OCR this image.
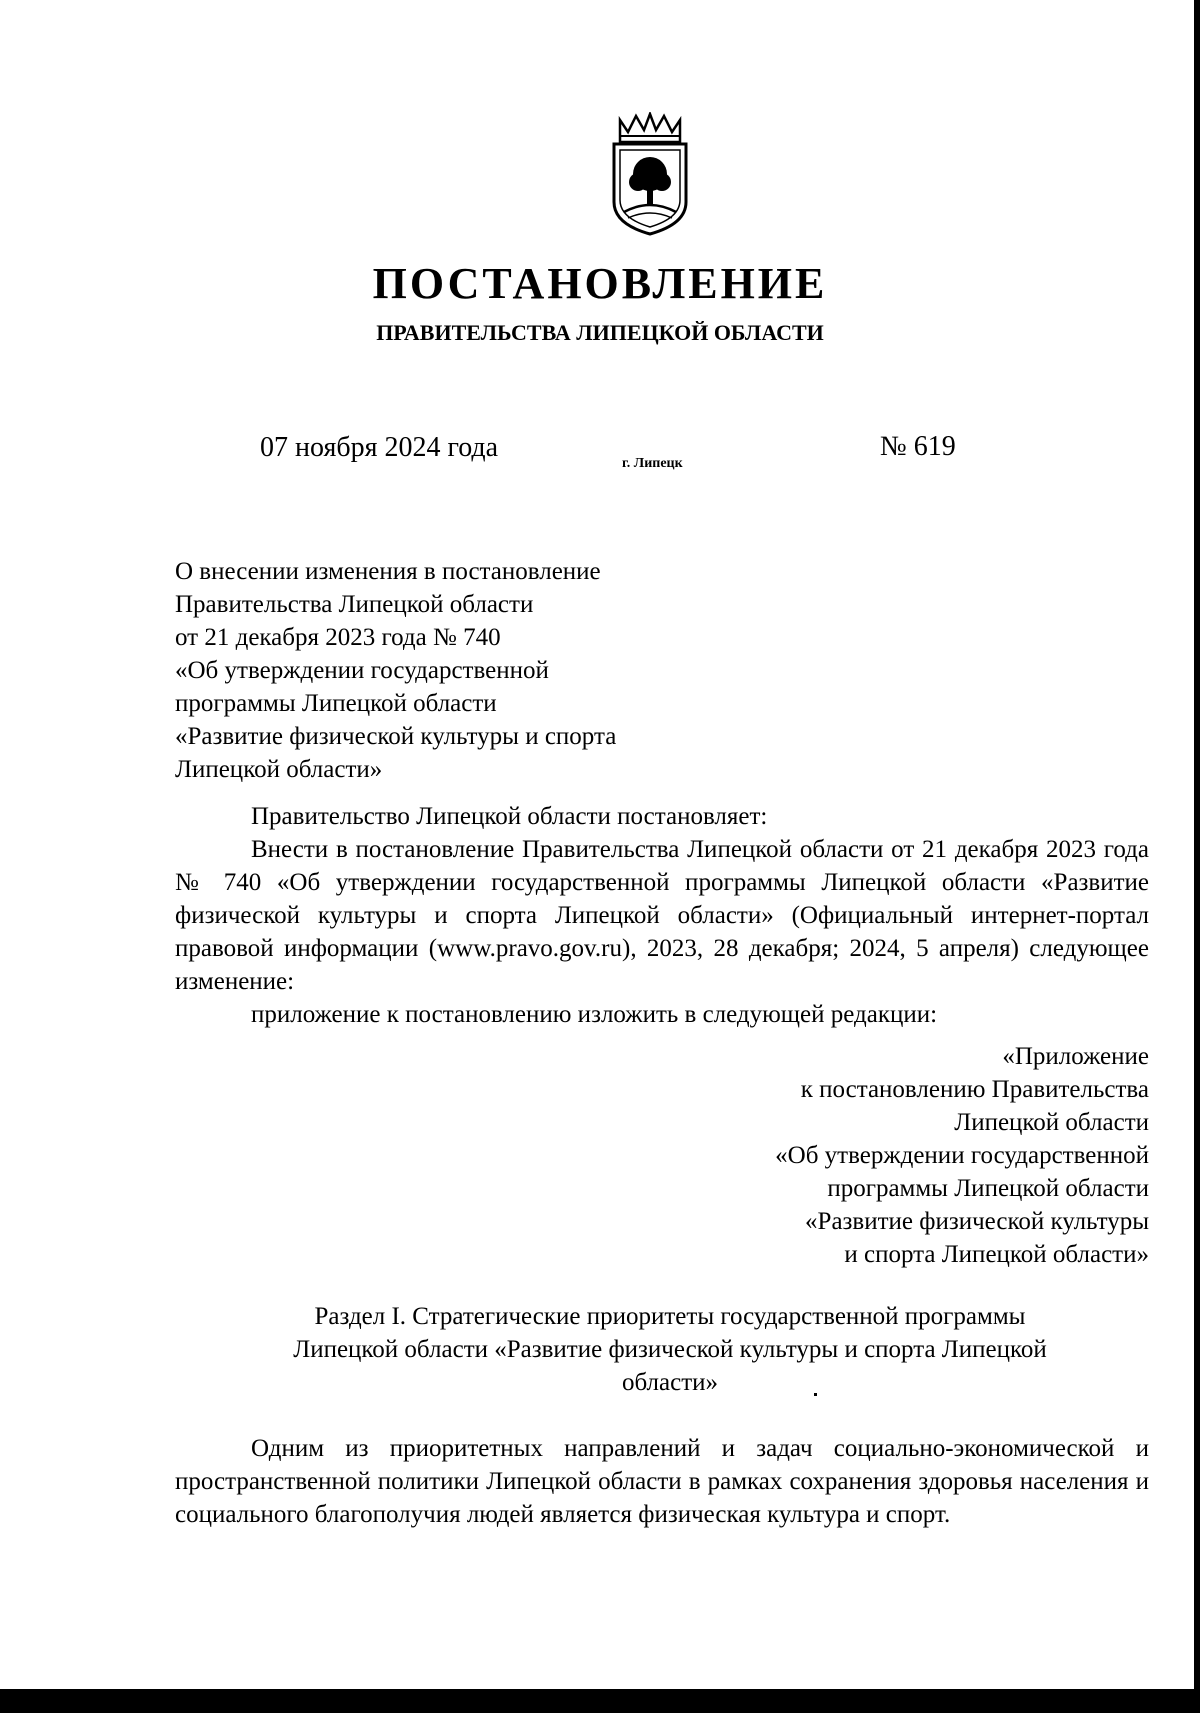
ПОСТАНОВЛЕНИЕ
ПРАВИТЕЛЬСТВА ЛИПЕЦКОЙ ОБЛАСТИ
07 ноября 2024 года
г. Липецк
№ 619
О внесении изменения в постановление
Правительства Липецкой области
от 21 декабря 2023 года № 740
«Об утверждении государственной
программы Липецкой области
«Развитие физической культуры и спорта
Липецкой области»

Правительство Липецкой области постановляет:

Внести в постановление Правительства Липецкой области от 21 декабря 2023 года № 740 «Об утверждении государственной программы Липецкой области «Развитие физической культуры и спорта Липецкой области» (Официальный интернет-портал правовой информации (www.pravo.gov.ru), 2023, 28 декабря; 2024, 5 апреля) следующее изменение:

приложение к постановлению изложить в следующей редакции:

«Приложение
к постановлению Правительства
Липецкой области
«Об утверждении государственной
программы Липецкой области
«Развитие физической культуры
и спорта Липецкой области»
Раздел I. Стратегические приоритеты государственной программы
Липецкой области «Развитие физической культуры и спорта Липецкой
области»

Одним из приоритетных направлений и задач социально-экономической и пространственной политики Липецкой области в рамках сохранения здоровья населения и социального благополучия людей является физическая культура и спорт.
